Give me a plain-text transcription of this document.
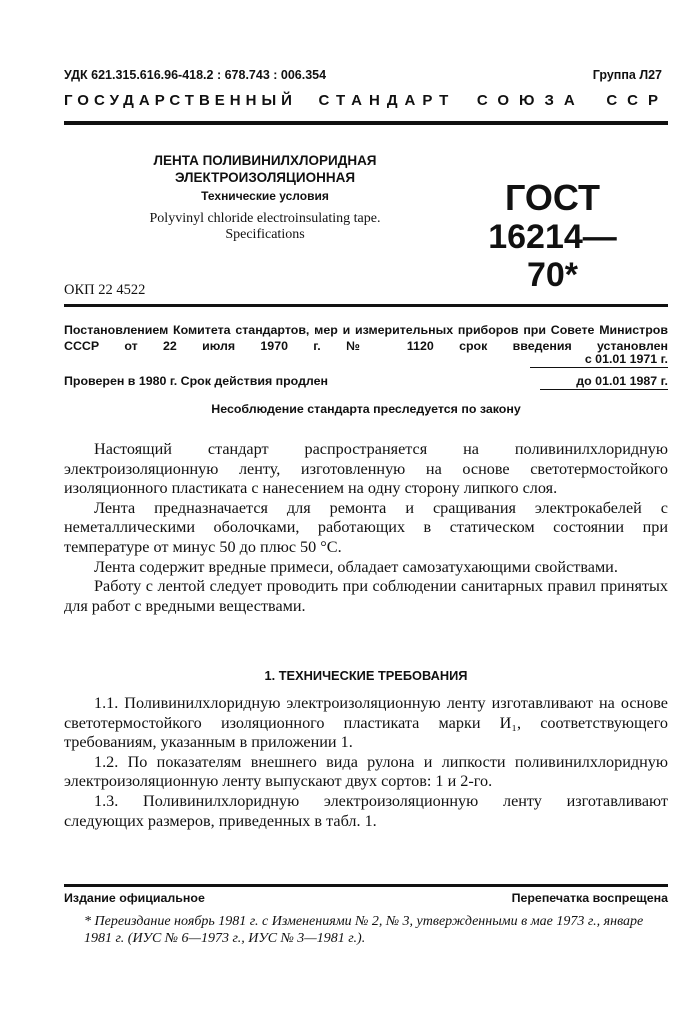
УДК 621.315.616.96-418.2 : 678.743 : 006.354	Группа Л27
ГОСУДАРСТВЕННЫЙ СТАНДАРТ СОЮЗА ССР
ЛЕНТА ПОЛИВИНИЛХЛОРИДНАЯ
ЭЛЕКТРОИЗОЛЯЦИОННАЯ
Технические условия
Polyvinyl chloride electroinsulating tape.
Specifications
ГОСТ
16214—70*
ОКП 22 4522
Постановлением Комитета стандартов, мер и измерительных приборов при Совете Министров СССР от 22 июля 1970 г. № 1120 срок введения установлен
с 01.01 1971 г.
Проверен в 1980 г. Срок действия продлен	до 01.01 1987 г.
Несоблюдение стандарта преследуется по закону

Настоящий стандарт распространяется на поливинилхлоридную электроизоляционную ленту, изготовленную на основе светотермостойкого изоляционного пластиката с нанесением на одну сторону липкого слоя.

Лента предназначается для ремонта и сращивания электрокабелей с неметаллическими оболочками, работающих в статическом состоянии при температуре от минус 50 до плюс 50 °С.

Лента содержит вредные примеси, обладает самозатухающими свойствами.

Работу с лентой следует проводить при соблюдении санитарных правил принятых для работ с вредными веществами.

1. ТЕХНИЧЕСКИЕ ТРЕБОВАНИЯ

1.1. Поливинилхлоридную электроизоляционную ленту изготавливают на основе светотермостойкого изоляционного пластиката марки И₁, соответствующего требованиям, указанным в приложении 1.

1.2. По показателям внешнего вида рулона и липкости поливинилхлоридную электроизоляционную ленту выпускают двух сортов: 1 и 2-го.

1.3. Поливинилхлоридную электроизоляционную ленту изготавливают следующих размеров, приведенных в табл. 1.

Издание официальное	Перепечатка воспрещена
* Переиздание ноябрь 1981 г. с Изменениями № 2, № 3, утвержденными в мае 1973 г., январе 1981 г. (ИУС № 6—1973 г., ИУС № 3—1981 г.).
